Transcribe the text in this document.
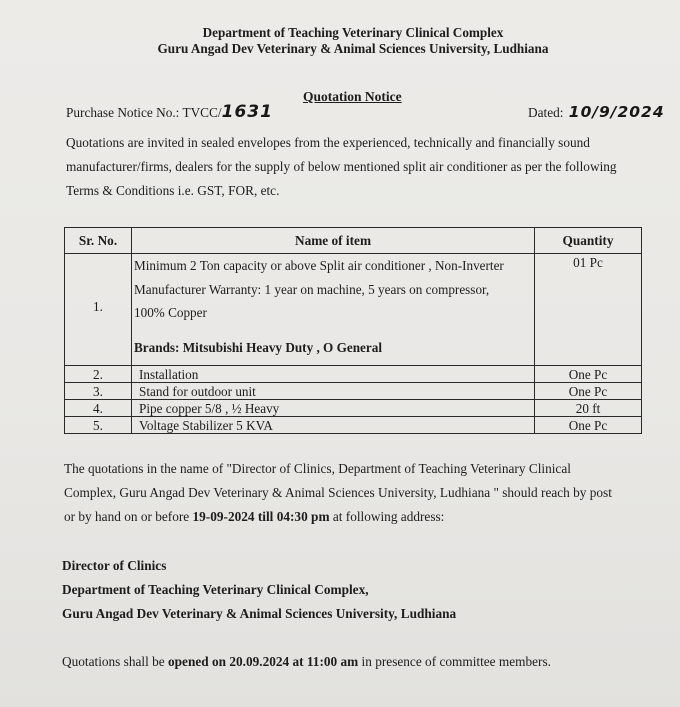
Department of Teaching Veterinary Clinical Complex
Guru Angad Dev Veterinary & Animal Sciences University, Ludhiana
Quotation Notice
Purchase Notice No.: TVCC/1631	Dated: 10/9/2024
Quotations are invited in sealed envelopes from the experienced, technically and financially sound
manufacturer/firms, dealers for the supply of below mentioned split air conditioner as per the following
Terms & Conditions i.e. GST, FOR, etc.
Sr. No.	Name of item	Quantity
1.	Minimum 2 Ton capacity or above Split air conditioner , Non-Inverter
Manufacturer Warranty: 1 year on machine, 5 years on compressor,
100% Copper
Brands: Mitsubishi Heavy Duty , O General	01 Pc
2.	Installation	One Pc
3.	Stand for outdoor unit	One Pc
4.	Pipe copper 5/8 , ½ Heavy	20 ft
5.	Voltage Stabilizer 5 KVA	One Pc
The quotations in the name of "Director of Clinics, Department of Teaching Veterinary Clinical
Complex, Guru Angad Dev Veterinary & Animal Sciences University, Ludhiana " should reach by post
or by hand on or before 19-09-2024 till 04:30 pm at following address:
Director of Clinics
Department of Teaching Veterinary Clinical Complex,
Guru Angad Dev Veterinary & Animal Sciences University, Ludhiana
Quotations shall be opened on 20.09.2024 at 11:00 am in presence of committee members.
